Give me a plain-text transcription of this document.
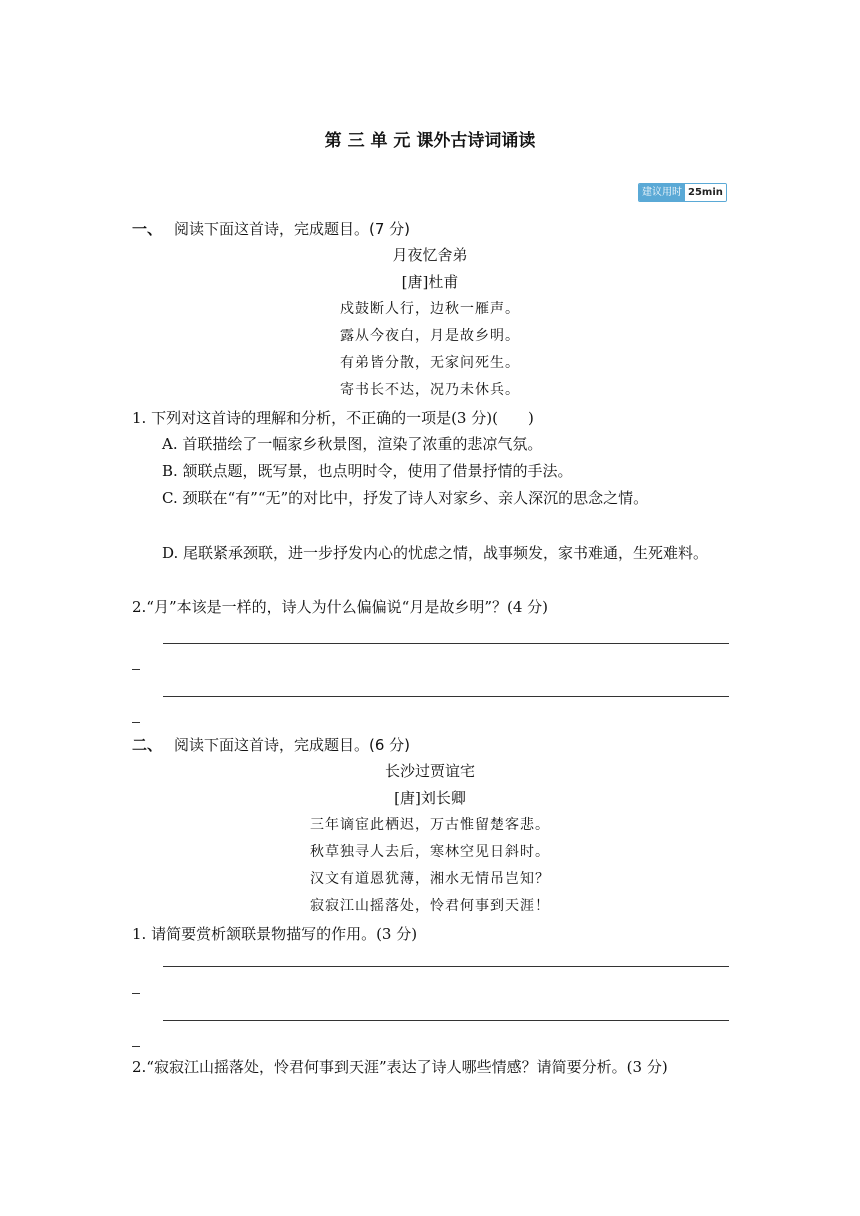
第 三 单 元 课外古诗词诵读
建议用时 25min
一、 阅读下面这首诗，完成题目。(7 分)
月夜忆舍弟
[唐]杜甫
戍鼓断人行，边秋一雁声。
露从今夜白，月是故乡明。
有弟皆分散，无家问死生。
寄书长不达，况乃未休兵。
1. 下列对这首诗的理解和分析，不正确的一项是(3 分)(　　)
A. 首联描绘了一幅家乡秋景图，渲染了浓重的悲凉气氛。
B. 颔联点题，既写景，也点明时令，使用了借景抒情的手法。
C. 颈联在“有”“无”的对比中，抒发了诗人对家乡、亲人深沉的思念之情。
D. 尾联紧承颈联，进一步抒发内心的忧虑之情，战事频发，家书难通，生死难料。
2.“月”本该是一样的，诗人为什么偏偏说“月是故乡明”？(4 分)
二、 阅读下面这首诗，完成题目。(6 分)
长沙过贾谊宅
[唐]刘长卿
三年谪宦此栖迟，万古惟留楚客悲。
秋草独寻人去后，寒林空见日斜时。
汉文有道恩犹薄，湘水无情吊岂知？
寂寂江山摇落处，怜君何事到天涯！
1. 请简要赏析颔联景物描写的作用。(3 分)
2.“寂寂江山摇落处，怜君何事到天涯”表达了诗人哪些情感？请简要分析。(3 分)
